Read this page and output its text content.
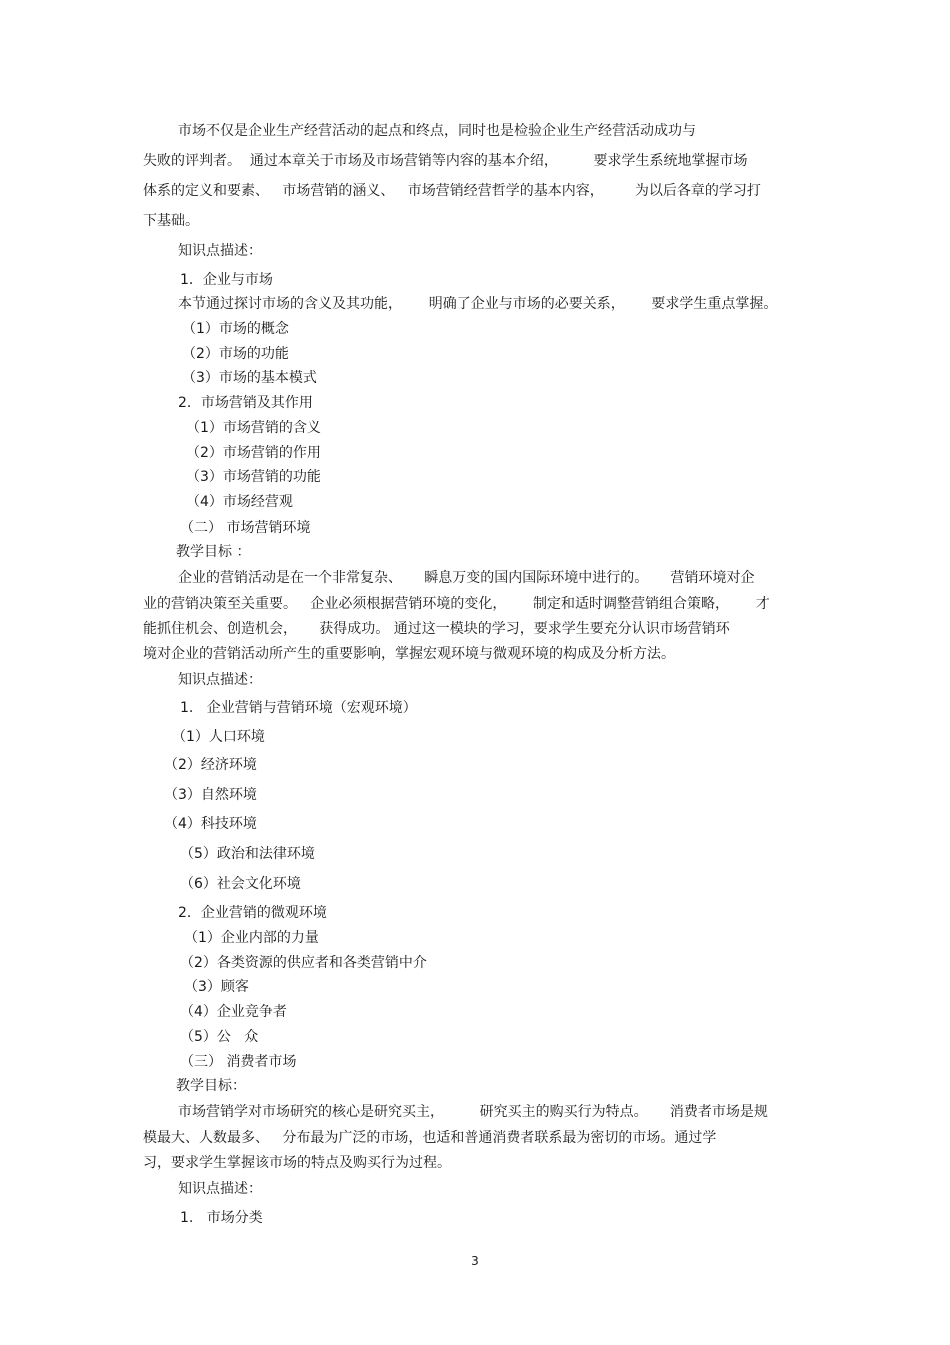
市场不仅是企业生产经营活动的起点和终点，同时也是检验企业生产经营活动成功与
失败的评判者。  通过本章关于市场及市场营销等内容的基本介绍，        要求学生系统地掌握市场
体系的定义和要素、   市场营销的涵义、   市场营销经营哲学的基本内容，       为以后各章的学习打
下基础。
知识点描述：
1．企业与市场
本节通过探讨市场的含义及其功能，      明确了企业与市场的必要关系，      要求学生重点掌握。
（1）市场的概念
（2）市场的功能
（3）市场的基本模式
2．市场营销及其作用
（1）市场营销的含义
（2）市场营销的作用
（3）市场营销的功能
（4）市场经营观
（二） 市场营销环境
教学目标 ：
企业的营销活动是在一个非常复杂、     瞬息万变的国内国际环境中进行的。     营销环境对企
业的营销决策至关重要。   企业必须根据营销环境的变化，      制定和适时调整营销组合策略，      才
能抓住机会、创造机会，     获得成功。 通过这一模块的学习，要求学生要充分认识市场营销环
境对企业的营销活动所产生的重要影响，掌握宏观环境与微观环境的构成及分析方法。
知识点描述：
1.   企业营销与营销环境（宏观环境）
（1）人口环境
（2）经济环境
（3）自然环境
（4）科技环境
（5）政治和法律环境
（6）社会文化环境
2．企业营销的微观环境
（1）企业内部的力量
（2）各类资源的供应者和各类营销中介
（3）顾客
（4）企业竞争者
（5）公   众
（三） 消费者市场
教学目标：
市场营销学对市场研究的核心是研究买主，        研究买主的购买行为特点。     消费者市场是规
模最大、人数最多、   分布最为广泛的市场，也适和普通消费者联系最为密切的市场。通过学
习，要求学生掌握该市场的特点及购买行为过程。
知识点描述：
1.   市场分类
3
